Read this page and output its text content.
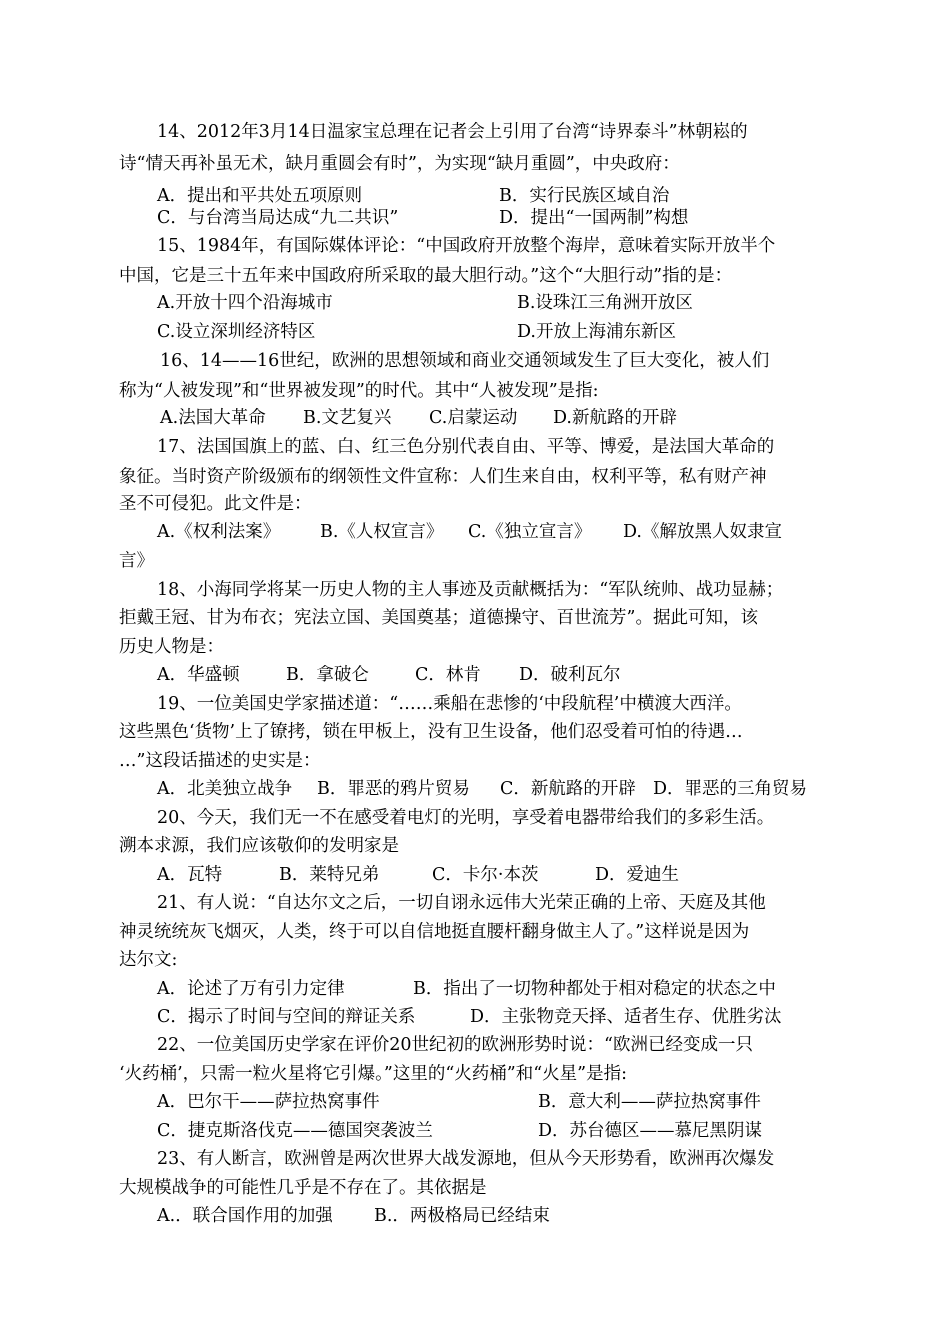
14、2012年3月14日温家宝总理在记者会上引用了台湾“诗界泰斗”林朝崧的
诗“情天再补虽无术，缺月重圆会有时”，为实现“缺月重圆”，中央政府：
A．提出和平共处五项原则	B．实行民族区域自治
C．与台湾当局达成“九二共识”	D．提出“一国两制”构想
15、1984年，有国际媒体评论：“中国政府开放整个海岸，意味着实际开放半个
中国，它是三十五年来中国政府所采取的最大胆行动。”这个“大胆行动”指的是：
A.开放十四个沿海城市	B.设珠江三角洲开放区
C.设立深圳经济特区	D.开放上海浦东新区
16、14——16世纪，欧洲的思想领域和商业交通领域发生了巨大变化，被人们
称为“人被发现”和“世界被发现”的时代。其中“人被发现”是指:
A.法国大革命 B.文艺复兴 C.启蒙运动 D.新航路的开辟
17、法国国旗上的蓝、白、红三色分别代表自由、平等、博爱，是法国大革命的
象征。当时资产阶级颁布的纲领性文件宣称：人们生来自由，权利平等，私有财产神
圣不可侵犯。此文件是：
A.《权利法案》 B.《人权宣言》 C.《独立宣言》 D.《解放黑人奴隶宣
言》
18、小海同学将某一历史人物的主人事迹及贡献概括为：“军队统帅、战功显赫；
拒戴王冠、甘为布衣；宪法立国、美国奠基；道德操守、百世流芳”。据此可知，该
历史人物是：
A．华盛顿	B．拿破仑	C．林肯 D．破利瓦尔
19、一位美国史学家描述道：“……乘船在悲惨的‘中段航程’中横渡大西洋。
这些黑色‘货物’上了镣拷，锁在甲板上，没有卫生设备，他们忍受着可怕的待遇…
…”这段话描述的史实是：
A．北美独立战争 B．罪恶的鸦片贸易 C．新航路的开辟 D．罪恶的三角贸易
20、今天，我们无一不在感受着电灯的光明，享受着电器带给我们的多彩生活。
溯本求源，我们应该敬仰的发明家是
A．瓦特	B．莱特兄弟	C．卡尔·本茨	D．爱迪生
21、有人说：“自达尔文之后，一切自诩永远伟大光荣正确的上帝、天庭及其他
神灵统统灰飞烟灭，人类，终于可以自信地挺直腰杆翻身做主人了。”这样说是因为
达尔文:
A．论述了万有引力定律	B．指出了一切物种都处于相对稳定的状态之中
C．揭示了时间与空间的辩证关系	D．主张物竞天择、适者生存、优胜劣汰
22、一位美国历史学家在评价20世纪初的欧洲形势时说：“欧洲已经变成一只
‘火药桶’，只需一粒火星将它引爆。”这里的“火药桶”和“火星”是指:
A．巴尔干——萨拉热窝事件	B．意大利——萨拉热窝事件
C．捷克斯洛伐克——德国突袭波兰	D．苏台德区——慕尼黑阴谋
23、有人断言，欧洲曾是两次世界大战发源地，但从今天形势看，欧洲再次爆发
大规模战争的可能性几乎是不存在了。其依据是
A.．联合国作用的加强 B.．两极格局已经结束
